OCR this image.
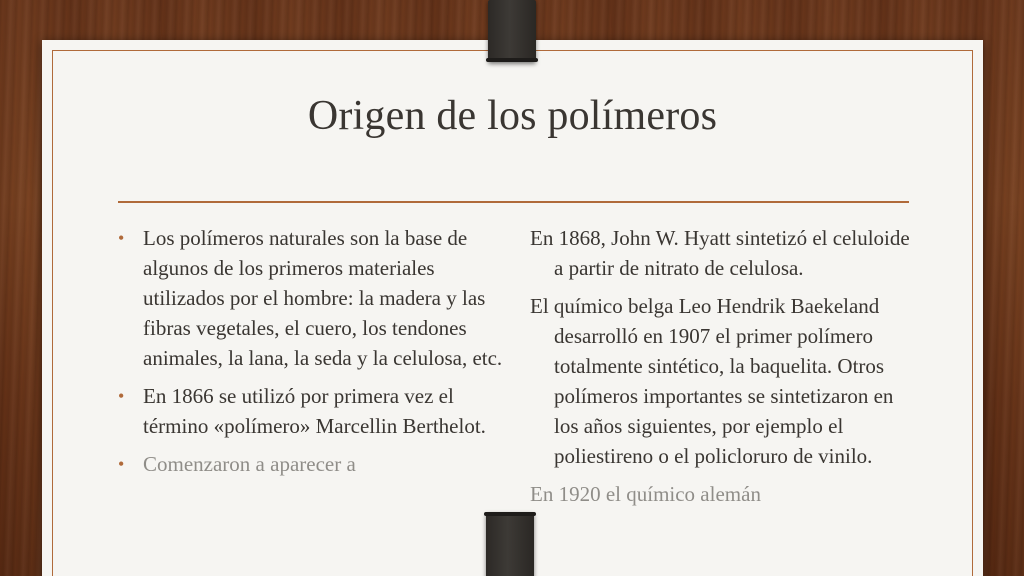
Origen de los polímeros
• Los polímeros naturales son la base de algunos de los primeros materiales utilizados por el hombre: la madera y las fibras vegetales, el cuero, los tendones animales, la lana, la seda y la celulosa, etc.
• En 1866 se utilizó por primera vez el término «polímero» Marcellin Berthelot.
• Comenzaron a aparecer a
En 1868, John W. Hyatt sintetizó el celuloide a partir de nitrato de celulosa.
El químico belga Leo Hendrik Baekeland desarrolló en 1907 el primer polímero totalmente sintético, la baquelita. Otros polímeros importantes se sintetizaron en los años siguientes, por ejemplo el poliestireno o el policloruro de vinilo.
En 1920 el químico alemán
